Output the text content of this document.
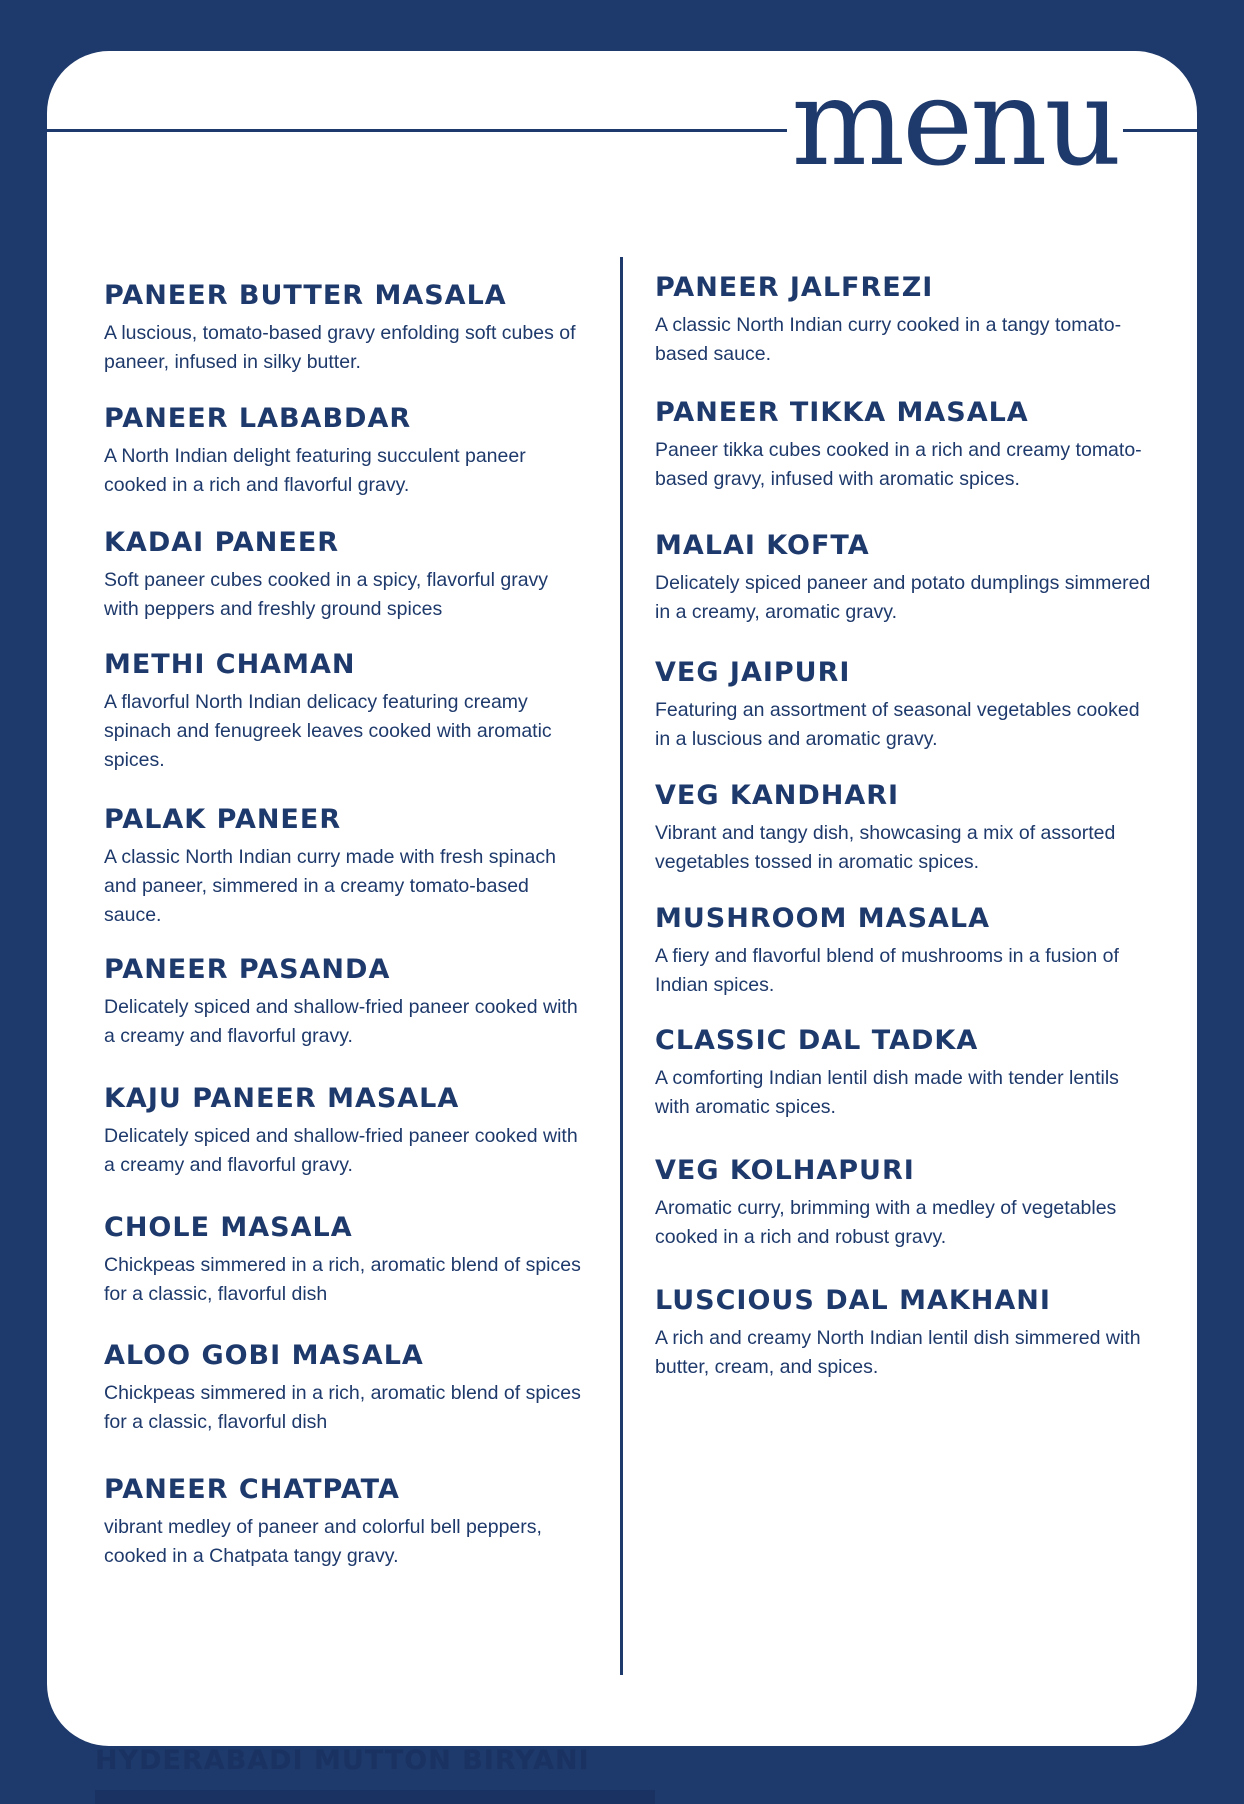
menu
PANEER BUTTER MASALA

A luscious, tomato-based gravy enfolding soft cubes of paneer, infused in silky butter.

PANEER LABABDAR

A North Indian delight featuring succulent paneer cooked in a rich and flavorful gravy.

KADAI PANEER

Soft paneer cubes cooked in a spicy, flavorful gravy with peppers and freshly ground spices

METHI CHAMAN

A flavorful North Indian delicacy featuring creamy spinach and fenugreek leaves cooked with aromatic spices.

PALAK PANEER

A classic North Indian curry made with fresh spinach and paneer, simmered in a creamy tomato-based sauce.

PANEER PASANDA

Delicately spiced and shallow-fried paneer cooked with a creamy and flavorful gravy.

KAJU PANEER MASALA

Delicately spiced and shallow-fried paneer cooked with a creamy and flavorful gravy.

CHOLE MASALA

Chickpeas simmered in a rich, aromatic blend of spices for a classic, flavorful dish

ALOO GOBI MASALA

Chickpeas simmered in a rich, aromatic blend of spices for a classic, flavorful dish

PANEER CHATPATA

vibrant medley of paneer and colorful bell peppers, cooked in a Chatpata tangy gravy.

PANEER JALFREZI

A classic North Indian curry cooked in a tangy tomato-based sauce.

PANEER TIKKA MASALA

Paneer tikka cubes cooked in a rich and creamy tomato-based gravy, infused with aromatic spices.

MALAI KOFTA

Delicately spiced paneer and potato dumplings simmered in a creamy, aromatic gravy.

VEG JAIPURI

Featuring an assortment of seasonal vegetables cooked in a luscious and aromatic gravy.

VEG KANDHARI

Vibrant and tangy dish, showcasing a mix of assorted vegetables tossed in aromatic spices.

MUSHROOM MASALA

A fiery and flavorful blend of mushrooms in a fusion of Indian spices.

CLASSIC DAL TADKA

A comforting Indian lentil dish made with tender lentils with aromatic spices.

VEG KOLHAPURI

Aromatic curry, brimming with a medley of vegetables cooked in a rich and robust gravy.

LUSCIOUS DAL MAKHANI

A rich and creamy North Indian lentil dish simmered with butter, cream, and spices.

HYDERABADI MUTTON BIRYANI
